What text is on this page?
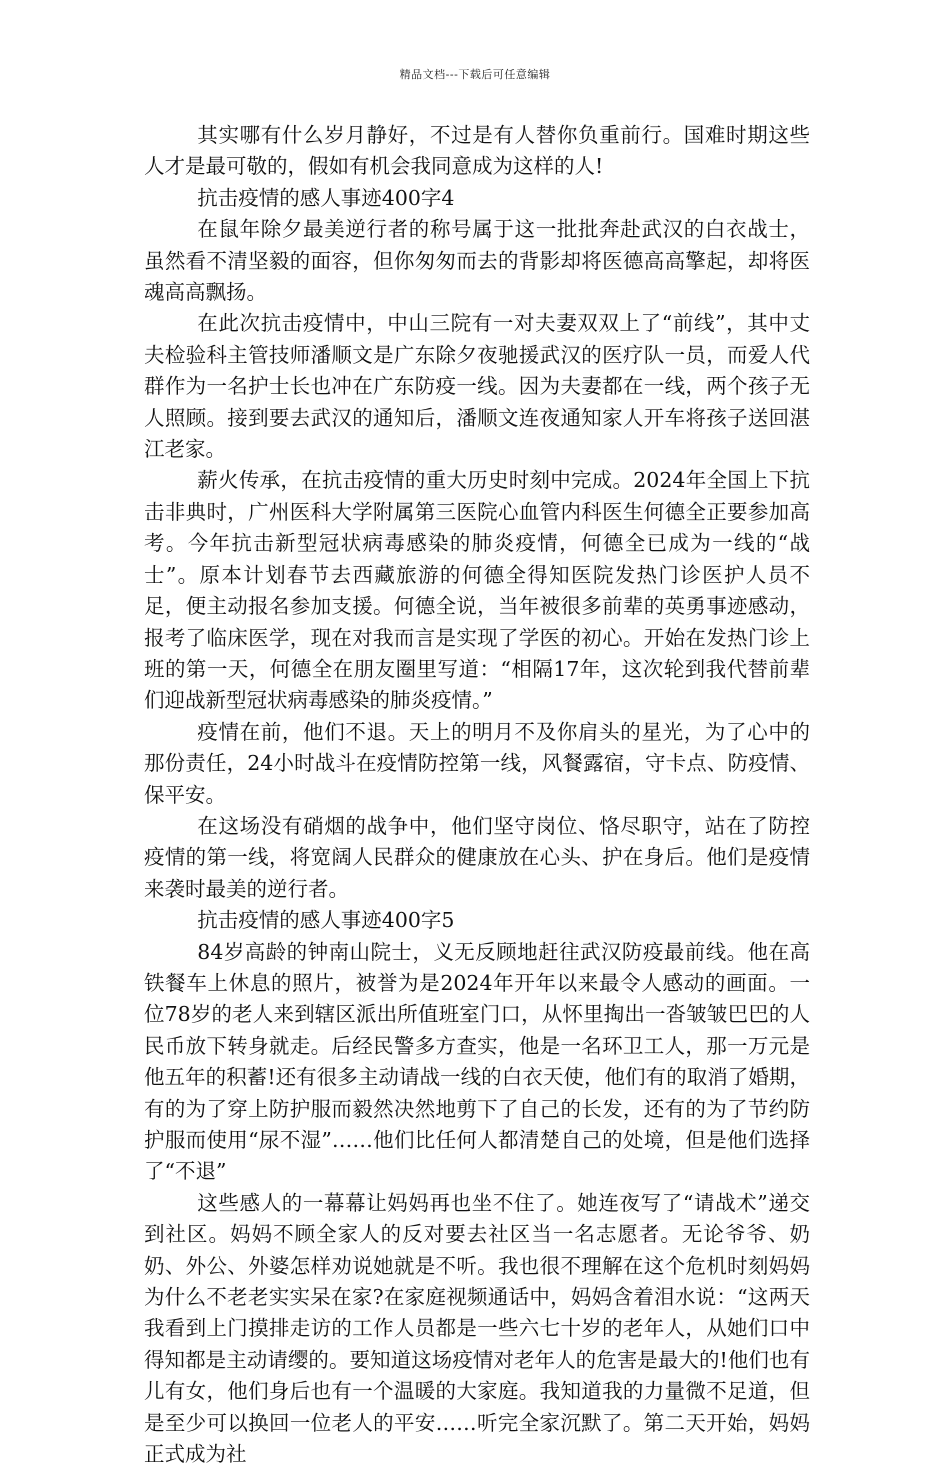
精品文档---下载后可任意编辑

其实哪有什么岁月静好，不过是有人替你负重前行。国难时期这些人才是最可敬的，假如有机会我同意成为这样的人!

抗击疫情的感人事迹400字4

在鼠年除夕最美逆行者的称号属于这一批批奔赴武汉的白衣战士，虽然看不清坚毅的面容，但你匆匆而去的背影却将医德高高擎起，却将医魂高高飘扬。

在此次抗击疫情中，中山三院有一对夫妻双双上了“前线”，其中丈夫检验科主管技师潘顺文是广东除夕夜驰援武汉的医疗队一员，而爱人代群作为一名护士长也冲在广东防疫一线。因为夫妻都在一线，两个孩子无人照顾。接到要去武汉的通知后，潘顺文连夜通知家人开车将孩子送回湛江老家。

薪火传承，在抗击疫情的重大历史时刻中完成。2024年全国上下抗击非典时，广州医科大学附属第三医院心血管内科医生何德全正要参加高考。今年抗击新型冠状病毒感染的肺炎疫情，何德全已成为一线的“战士”。原本计划春节去西藏旅游的何德全得知医院发热门诊医护人员不足，便主动报名参加支援。何德全说，当年被很多前辈的英勇事迹感动，报考了临床医学，现在对我而言是实现了学医的初心。开始在发热门诊上班的第一天，何德全在朋友圈里写道：“相隔17年，这次轮到我代替前辈们迎战新型冠状病毒感染的肺炎疫情。”

疫情在前，他们不退。天上的明月不及你肩头的星光，为了心中的那份责任，24小时战斗在疫情防控第一线，风餐露宿，守卡点、防疫情、保平安。

在这场没有硝烟的战争中，他们坚守岗位、恪尽职守，站在了防控疫情的第一线，将宽阔人民群众的健康放在心头、护在身后。他们是疫情来袭时最美的逆行者。

抗击疫情的感人事迹400字5

84岁高龄的钟南山院士，义无反顾地赶往武汉防疫最前线。他在高铁餐车上休息的照片，被誉为是2024年开年以来最令人感动的画面。一位78岁的老人来到辖区派出所值班室门口，从怀里掏出一沓皱皱巴巴的人民币放下转身就走。后经民警多方查实，他是一名环卫工人，那一万元是他五年的积蓄!还有很多主动请战一线的白衣天使，他们有的取消了婚期，有的为了穿上防护服而毅然决然地剪下了自己的长发，还有的为了节约防护服而使用“尿不湿”……他们比任何人都清楚自己的处境，但是他们选择了“不退”

这些感人的一幕幕让妈妈再也坐不住了。她连夜写了“请战术”递交到社区。妈妈不顾全家人的反对要去社区当一名志愿者。无论爷爷、奶奶、外公、外婆怎样劝说她就是不听。我也很不理解在这个危机时刻妈妈为什么不老老实实呆在家?在家庭视频通话中，妈妈含着泪水说：“这两天我看到上门摸排走访的工作人员都是一些六七十岁的老年人，从她们口中得知都是主动请缨的。要知道这场疫情对老年人的危害是最大的!他们也有儿有女，他们身后也有一个温暖的大家庭。我知道我的力量微不足道，但是至少可以换回一位老人的平安……听完全家沉默了。第二天开始，妈妈正式成为社
